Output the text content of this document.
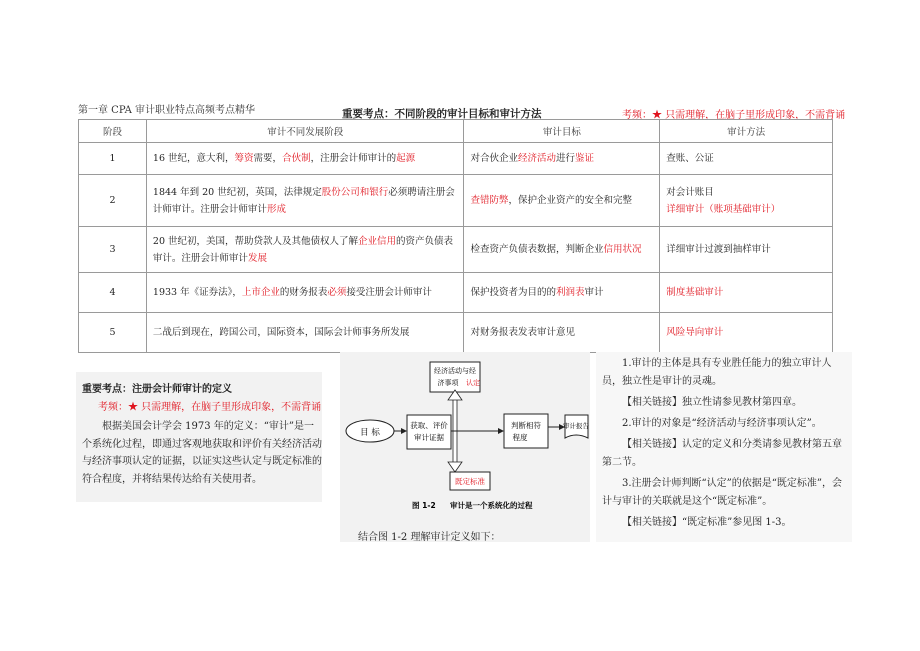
第一章 CPA 审计职业特点高频考点精华	重要考点：不同阶段的审计目标和审计方法	考频：★ 只需理解，在脑子里形成印象，不需背诵
阶段	审计不同发展阶段	审计目标	审计方法
1	16 世纪，意大利，筹资需要，合伙制，注册会计师审计的起源	对合伙企业经济活动进行鉴证	查账、公证
2	1844 年到 20 世纪初，英国，法律规定股份公司和银行必须聘请注册会计师审计。注册会计师审计形成	查错防弊，保护企业资产的安全和完整	对会计账目详细审计（账项基础审计）
3	20 世纪初，美国，帮助贷款人及其他债权人了解企业信用的资产负债表审计。注册会计师审计发展	检查资产负债表数据，判断企业信用状况	详细审计过渡到抽样审计
4	1933 年《证券法》，上市企业的财务报表必须接受注册会计师审计	保护投资者为目的的利润表审计	制度基础审计
5	二战后到现在，跨国公司，国际资本，国际会计师事务所发展	对财务报表发表审计意见	风险导向审计
重要考点：注册会计师审计的定义
考频：★ 只需理解，在脑子里形成印象，不需背诵
根据美国会计学会 1973 年的定义：“审计”是一个系统化过程，即通过客观地获取和评价有关经济活动与经济事项认定的证据，以证实这些认定与既定标准的符合程度，并将结果传达给有关使用者。
目 标
获取、评价
审计证据
经济活动与经
济事项 认定
既定标准
判断相符
程度
审计报告
图 1-2 审计是一个系统化的过程
结合图 1-2 理解审计定义如下：
1.审计的主体是具有专业胜任能力的独立审计人员，独立性是审计的灵魂。
【相关链接】独立性请参见教材第四章。
2.审计的对象是“经济活动与经济事项认定”。
【相关链接】认定的定义和分类请参见教材第五章第二节。
3.注册会计师判断“认定”的依据是“既定标准”，会计与审计的关联就是这个“既定标准”。
【相关链接】“既定标准”参见图 1-3。
